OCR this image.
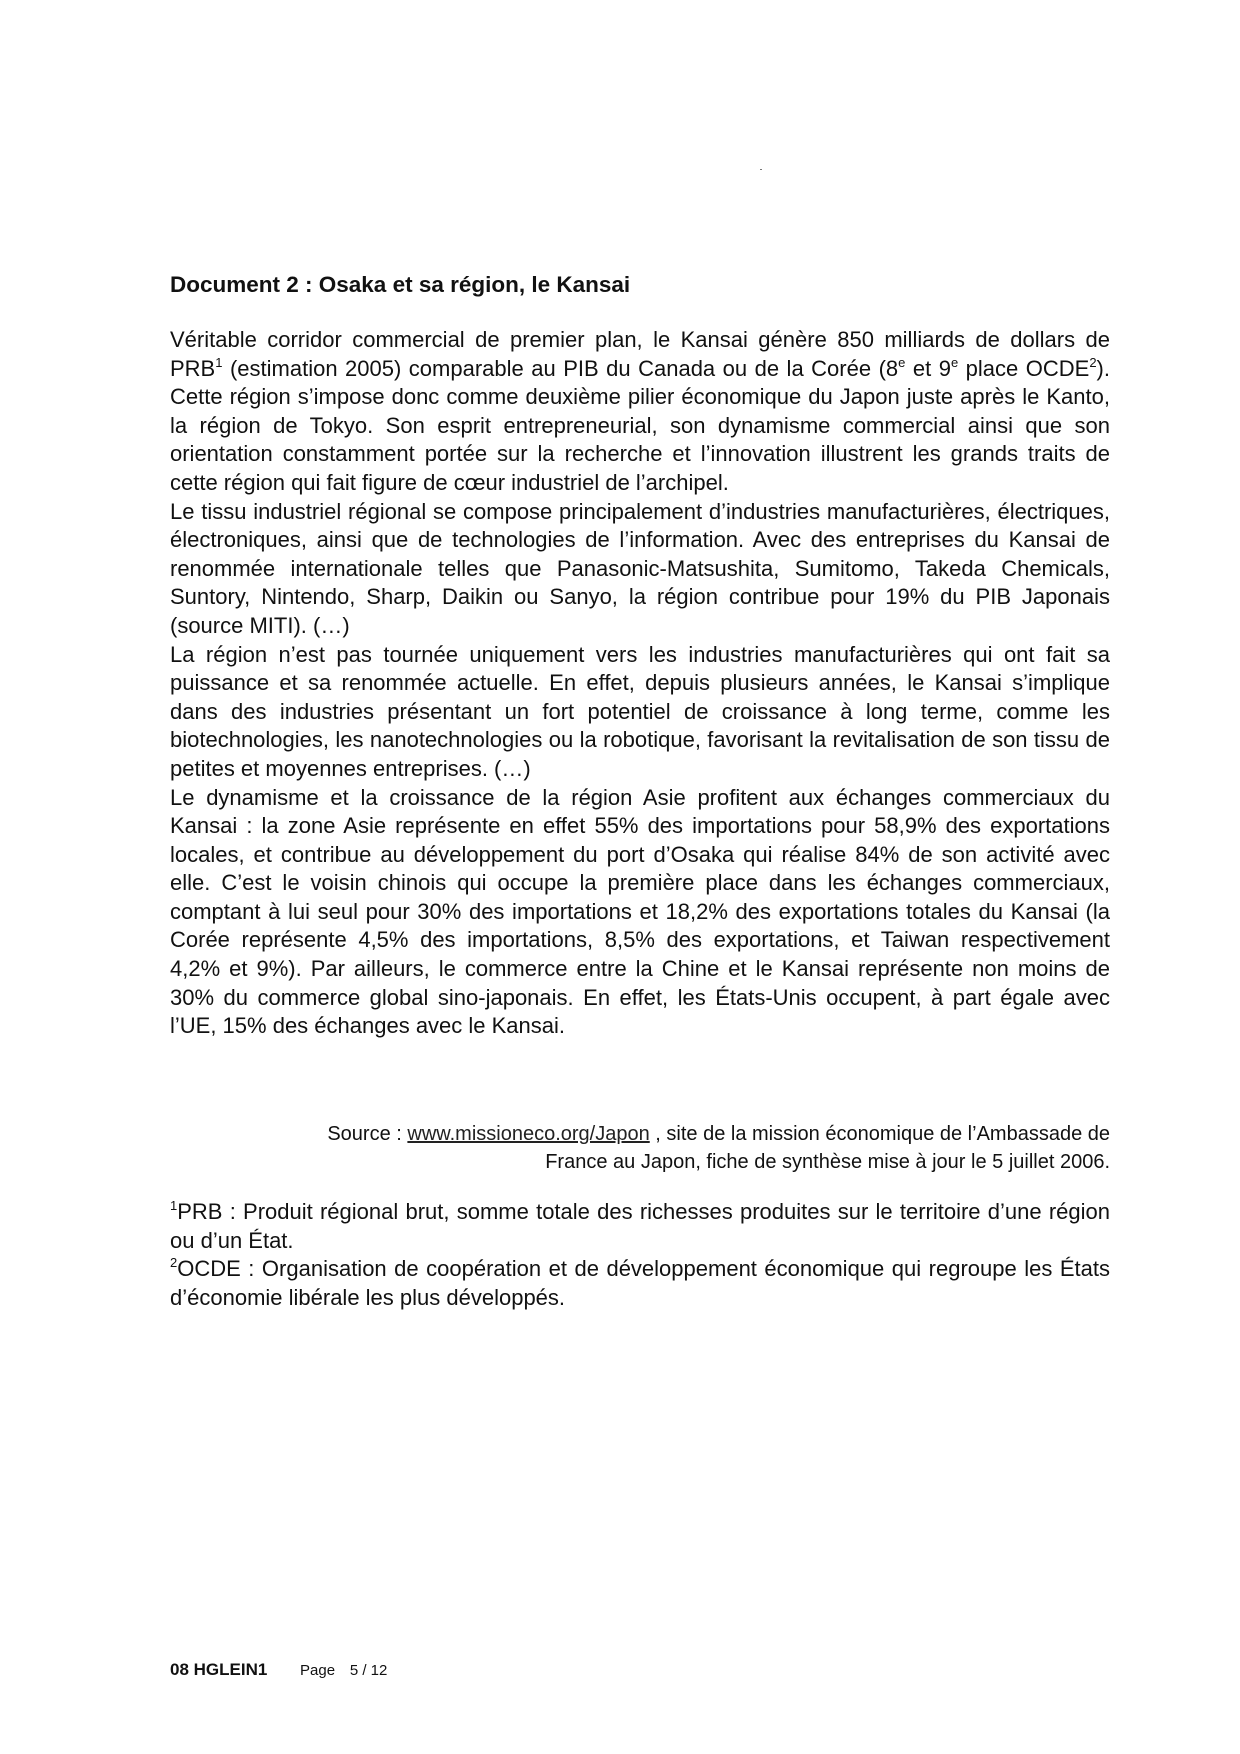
Document 2 : Osaka et sa région, le Kansai

Véritable corridor commercial de premier plan, le Kansai génère 850 milliards de dollars de PRB$^1$ (estimation 2005) comparable au PIB du Canada ou de la Corée (8e et 9e place OCDE$^2$). Cette région s’impose donc comme deuxième pilier économique du Japon juste après le Kanto, la région de Tokyo. Son esprit entrepreneurial, son dynamisme commercial ainsi que son orientation constamment portée sur la recherche et l’innovation illustrent les grands traits de cette région qui fait figure de cœur industriel de l’archipel.

Le tissu industriel régional se compose principalement d’industries manufacturières, électriques, électroniques, ainsi que de technologies de l’information. Avec des entreprises du Kansai de renommée internationale telles que Panasonic-Matsushita, Sumitomo, Takeda Chemicals, Suntory, Nintendo, Sharp, Daikin ou Sanyo, la région contribue pour 19% du PIB Japonais (source MITI). (…)

La région n’est pas tournée uniquement vers les industries manufacturières qui ont fait sa puissance et sa renommée actuelle. En effet, depuis plusieurs années, le Kansai s’implique dans des industries présentant un fort potentiel de croissance à long terme, comme les biotechnologies, les nanotechnologies ou la robotique, favorisant la revitalisation de son tissu de petites et moyennes entreprises. (…)

Le dynamisme et la croissance de la région Asie profitent aux échanges commerciaux du Kansai : la zone Asie représente en effet 55% des importations pour 58,9% des exportations locales, et contribue au développement du port d’Osaka qui réalise 84% de son activité avec elle. C’est le voisin chinois qui occupe la première place dans les échanges commerciaux, comptant à lui seul pour 30% des importations et 18,2% des exportations totales du Kansai (la Corée représente 4,5% des importations, 8,5% des exportations, et Taiwan respectivement 4,2% et 9%). Par ailleurs, le commerce entre la Chine et le Kansai représente non moins de 30% du commerce global sino-japonais. En effet, les États-Unis occupent, à part égale avec l’UE, 15% des échanges avec le Kansai.

Source : www.missioneco.org/Japon , site de la mission économique de l’Ambassade de
France au Japon, fiche de synthèse mise à jour le 5 juillet 2006.

$^1$PRB : Produit régional brut, somme totale des richesses produites sur le territoire d’une région ou d’un État.

$^2$OCDE : Organisation de coopération et de développement économique qui regroupe les États d’économie libérale les plus développés.

08 HGLEIN1 Page 5 / 12
